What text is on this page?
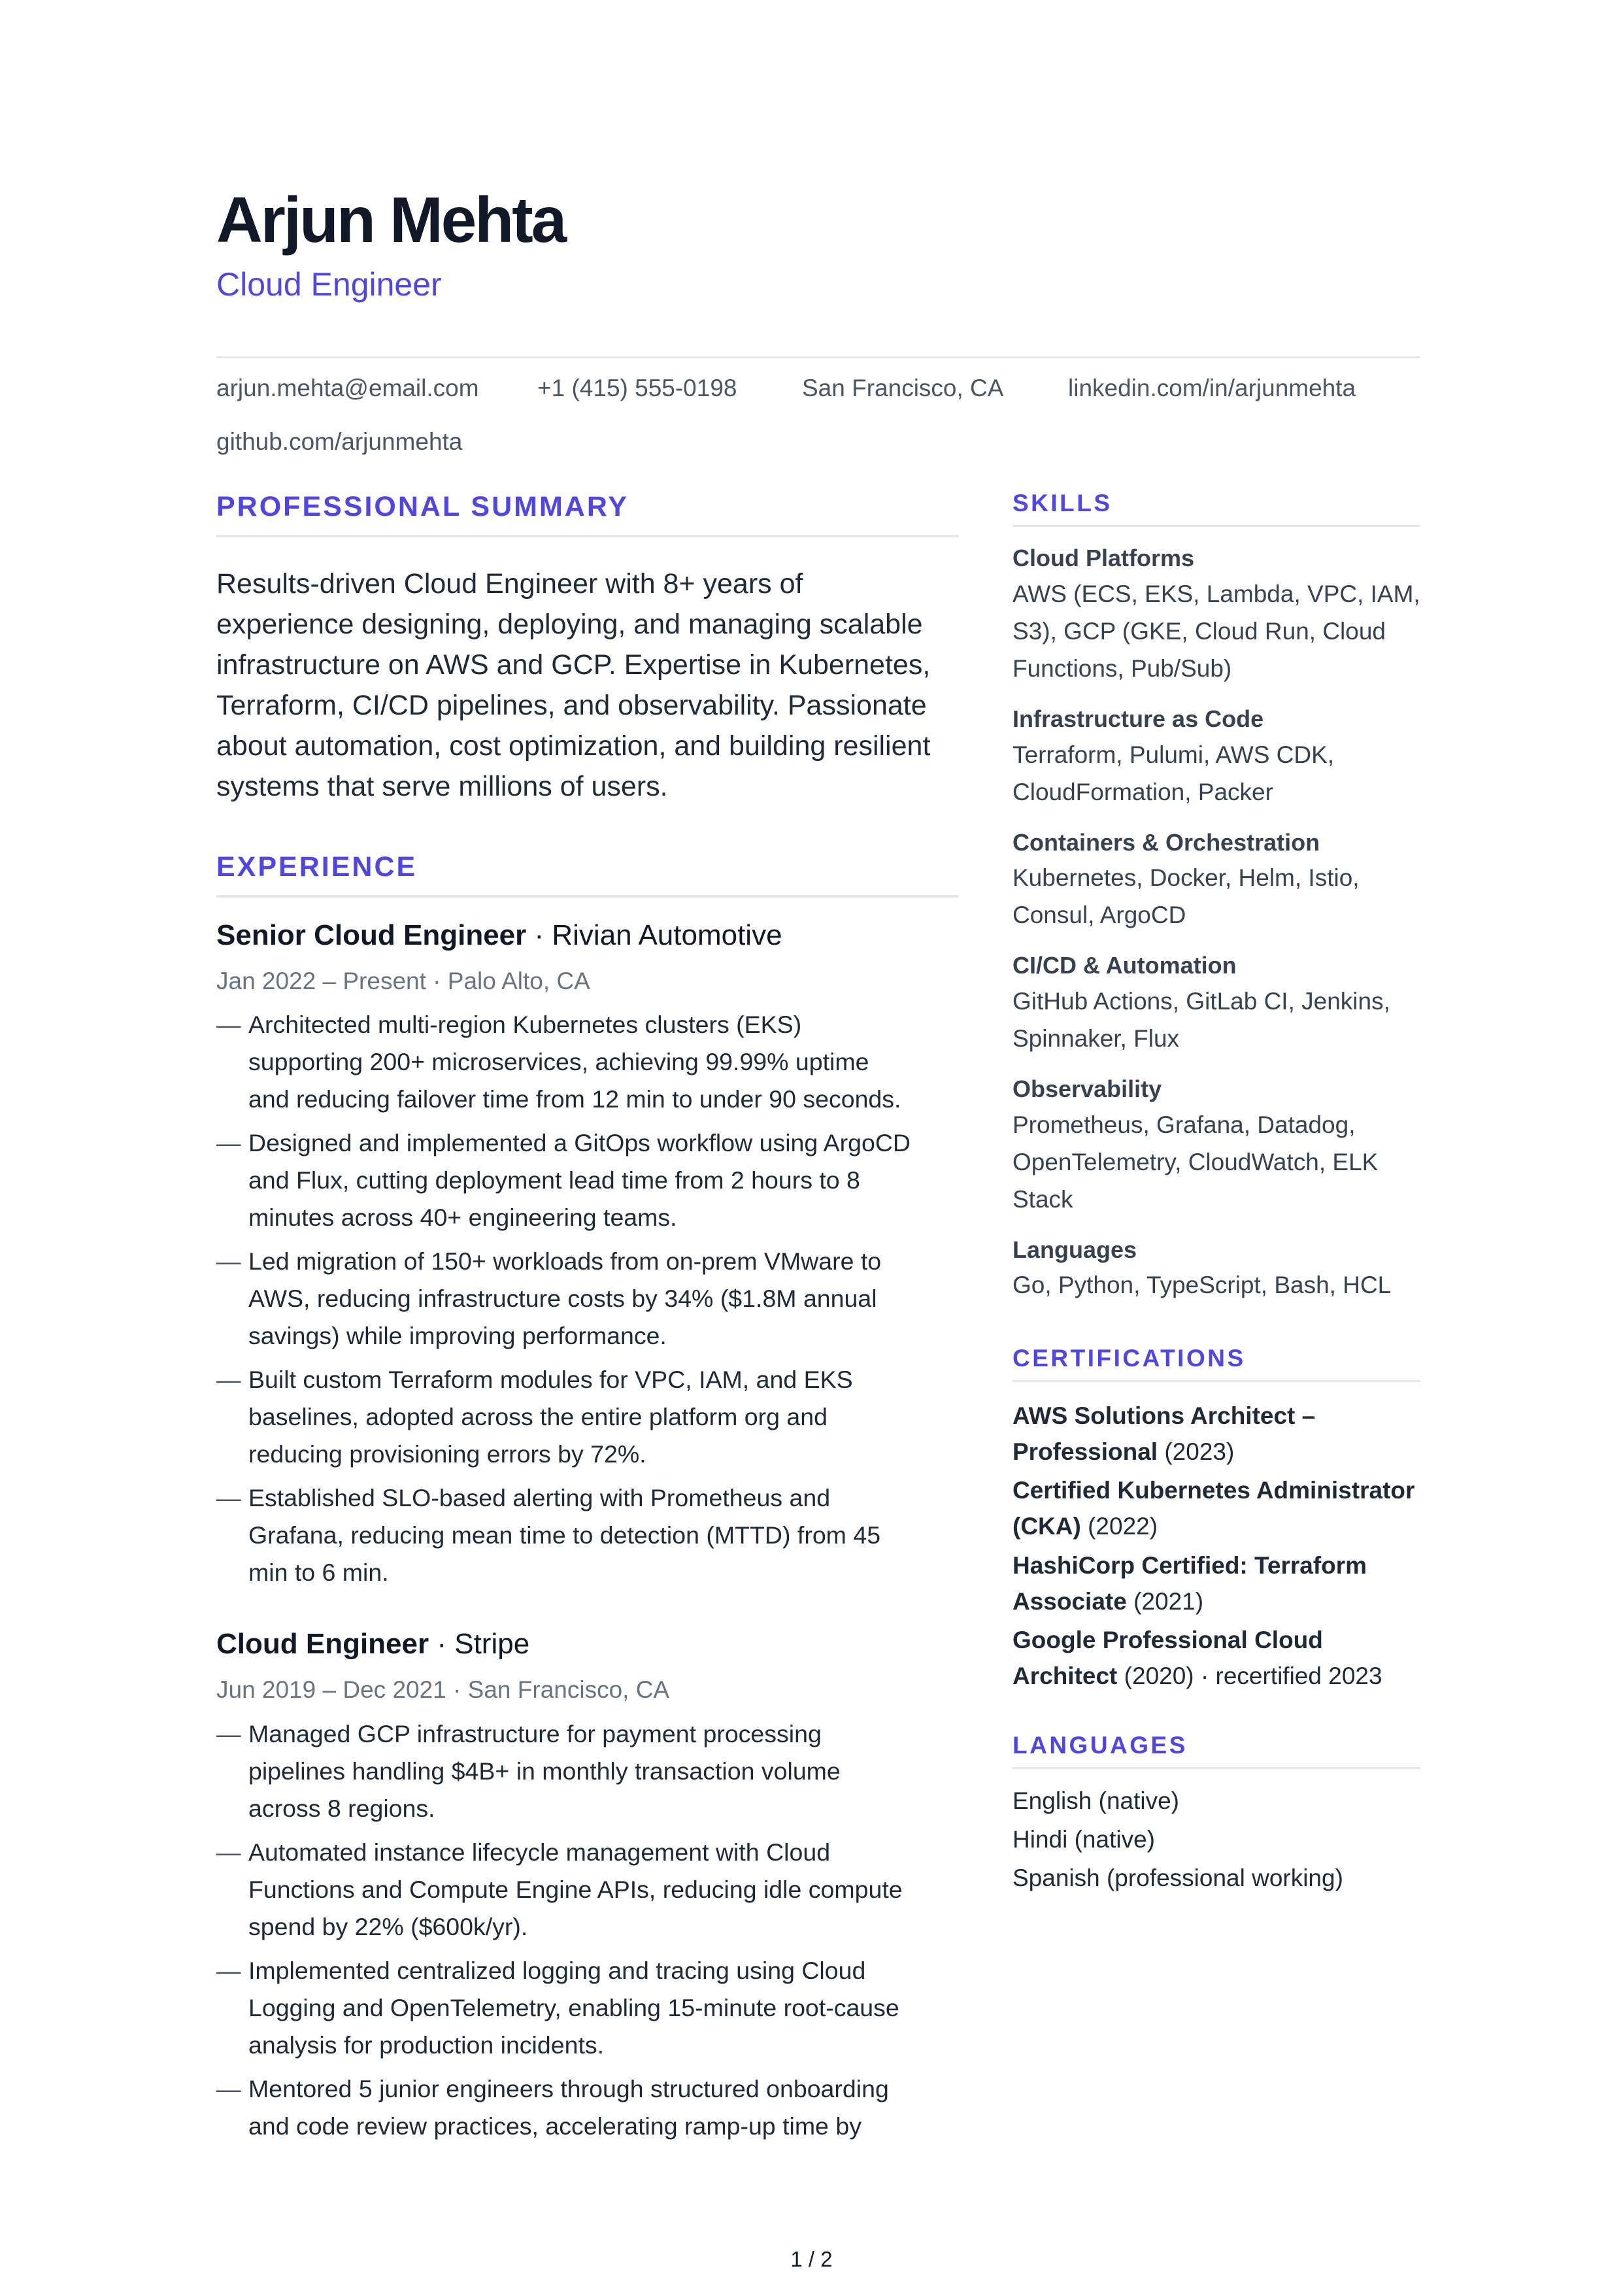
Arjun Mehta
Cloud Engineer
arjun.mehta@email.com +1 (415) 555-0198	San Francisco, CA	linkedin.com/in/arjunmehta
github.com/arjunmehta
PROFESSIONAL SUMMARY
Results-driven Cloud Engineer with 8+ years of
experience designing, deploying, and managing scalable
infrastructure on AWS and GCP. Expertise in Kubernetes,
Terraform, CI/CD pipelines, and observability. Passionate
about automation, cost optimization, and building resilient
systems that serve millions of users.
EXPERIENCE
Senior Cloud Engineer · Rivian Automotive
Jan 2022 – Present · Palo Alto, CA
— Architected multi-region Kubernetes clusters (EKS)
supporting 200+ microservices, achieving 99.99% uptime
and reducing failover time from 12 min to under 90 seconds.
— Designed and implemented a GitOps workflow using ArgoCD
and Flux, cutting deployment lead time from 2 hours to 8
minutes across 40+ engineering teams.
— Led migration of 150+ workloads from on-prem VMware to
AWS, reducing infrastructure costs by 34% ($1.8M annual
savings) while improving performance.
— Built custom Terraform modules for VPC, IAM, and EKS
baselines, adopted across the entire platform org and
reducing provisioning errors by 72%.
— Established SLO-based alerting with Prometheus and
Grafana, reducing mean time to detection (MTTD) from 45
min to 6 min.
Cloud Engineer · Stripe
Jun 2019 – Dec 2021 · San Francisco, CA
— Managed GCP infrastructure for payment processing
pipelines handling $4B+ in monthly transaction volume
across 8 regions.
— Automated instance lifecycle management with Cloud
Functions and Compute Engine APIs, reducing idle compute
spend by 22% ($600k/yr).
— Implemented centralized logging and tracing using Cloud
Logging and OpenTelemetry, enabling 15-minute root-cause
analysis for production incidents.
— Mentored 5 junior engineers through structured onboarding
and code review practices, accelerating ramp-up time by
SKILLS
Cloud Platforms
AWS (ECS, EKS, Lambda, VPC, IAM,
S3), GCP (GKE, Cloud Run, Cloud
Functions, Pub/Sub)
Infrastructure as Code
Terraform, Pulumi, AWS CDK,
CloudFormation, Packer
Containers & Orchestration
Kubernetes, Docker, Helm, Istio,
Consul, ArgoCD
CI/CD & Automation
GitHub Actions, GitLab CI, Jenkins,
Spinnaker, Flux
Observability
Prometheus, Grafana, Datadog,
OpenTelemetry, CloudWatch, ELK
Stack
Languages
Go, Python, TypeScript, Bash, HCL
CERTIFICATIONS
AWS Solutions Architect –
Professional (2023)
Certified Kubernetes Administrator
(CKA) (2022)
HashiCorp Certified: Terraform
Associate (2021)
Google Professional Cloud
Architect (2020) · recertified 2023
LANGUAGES
English (native)
Hindi (native)
Spanish (professional working)
1 / 2
